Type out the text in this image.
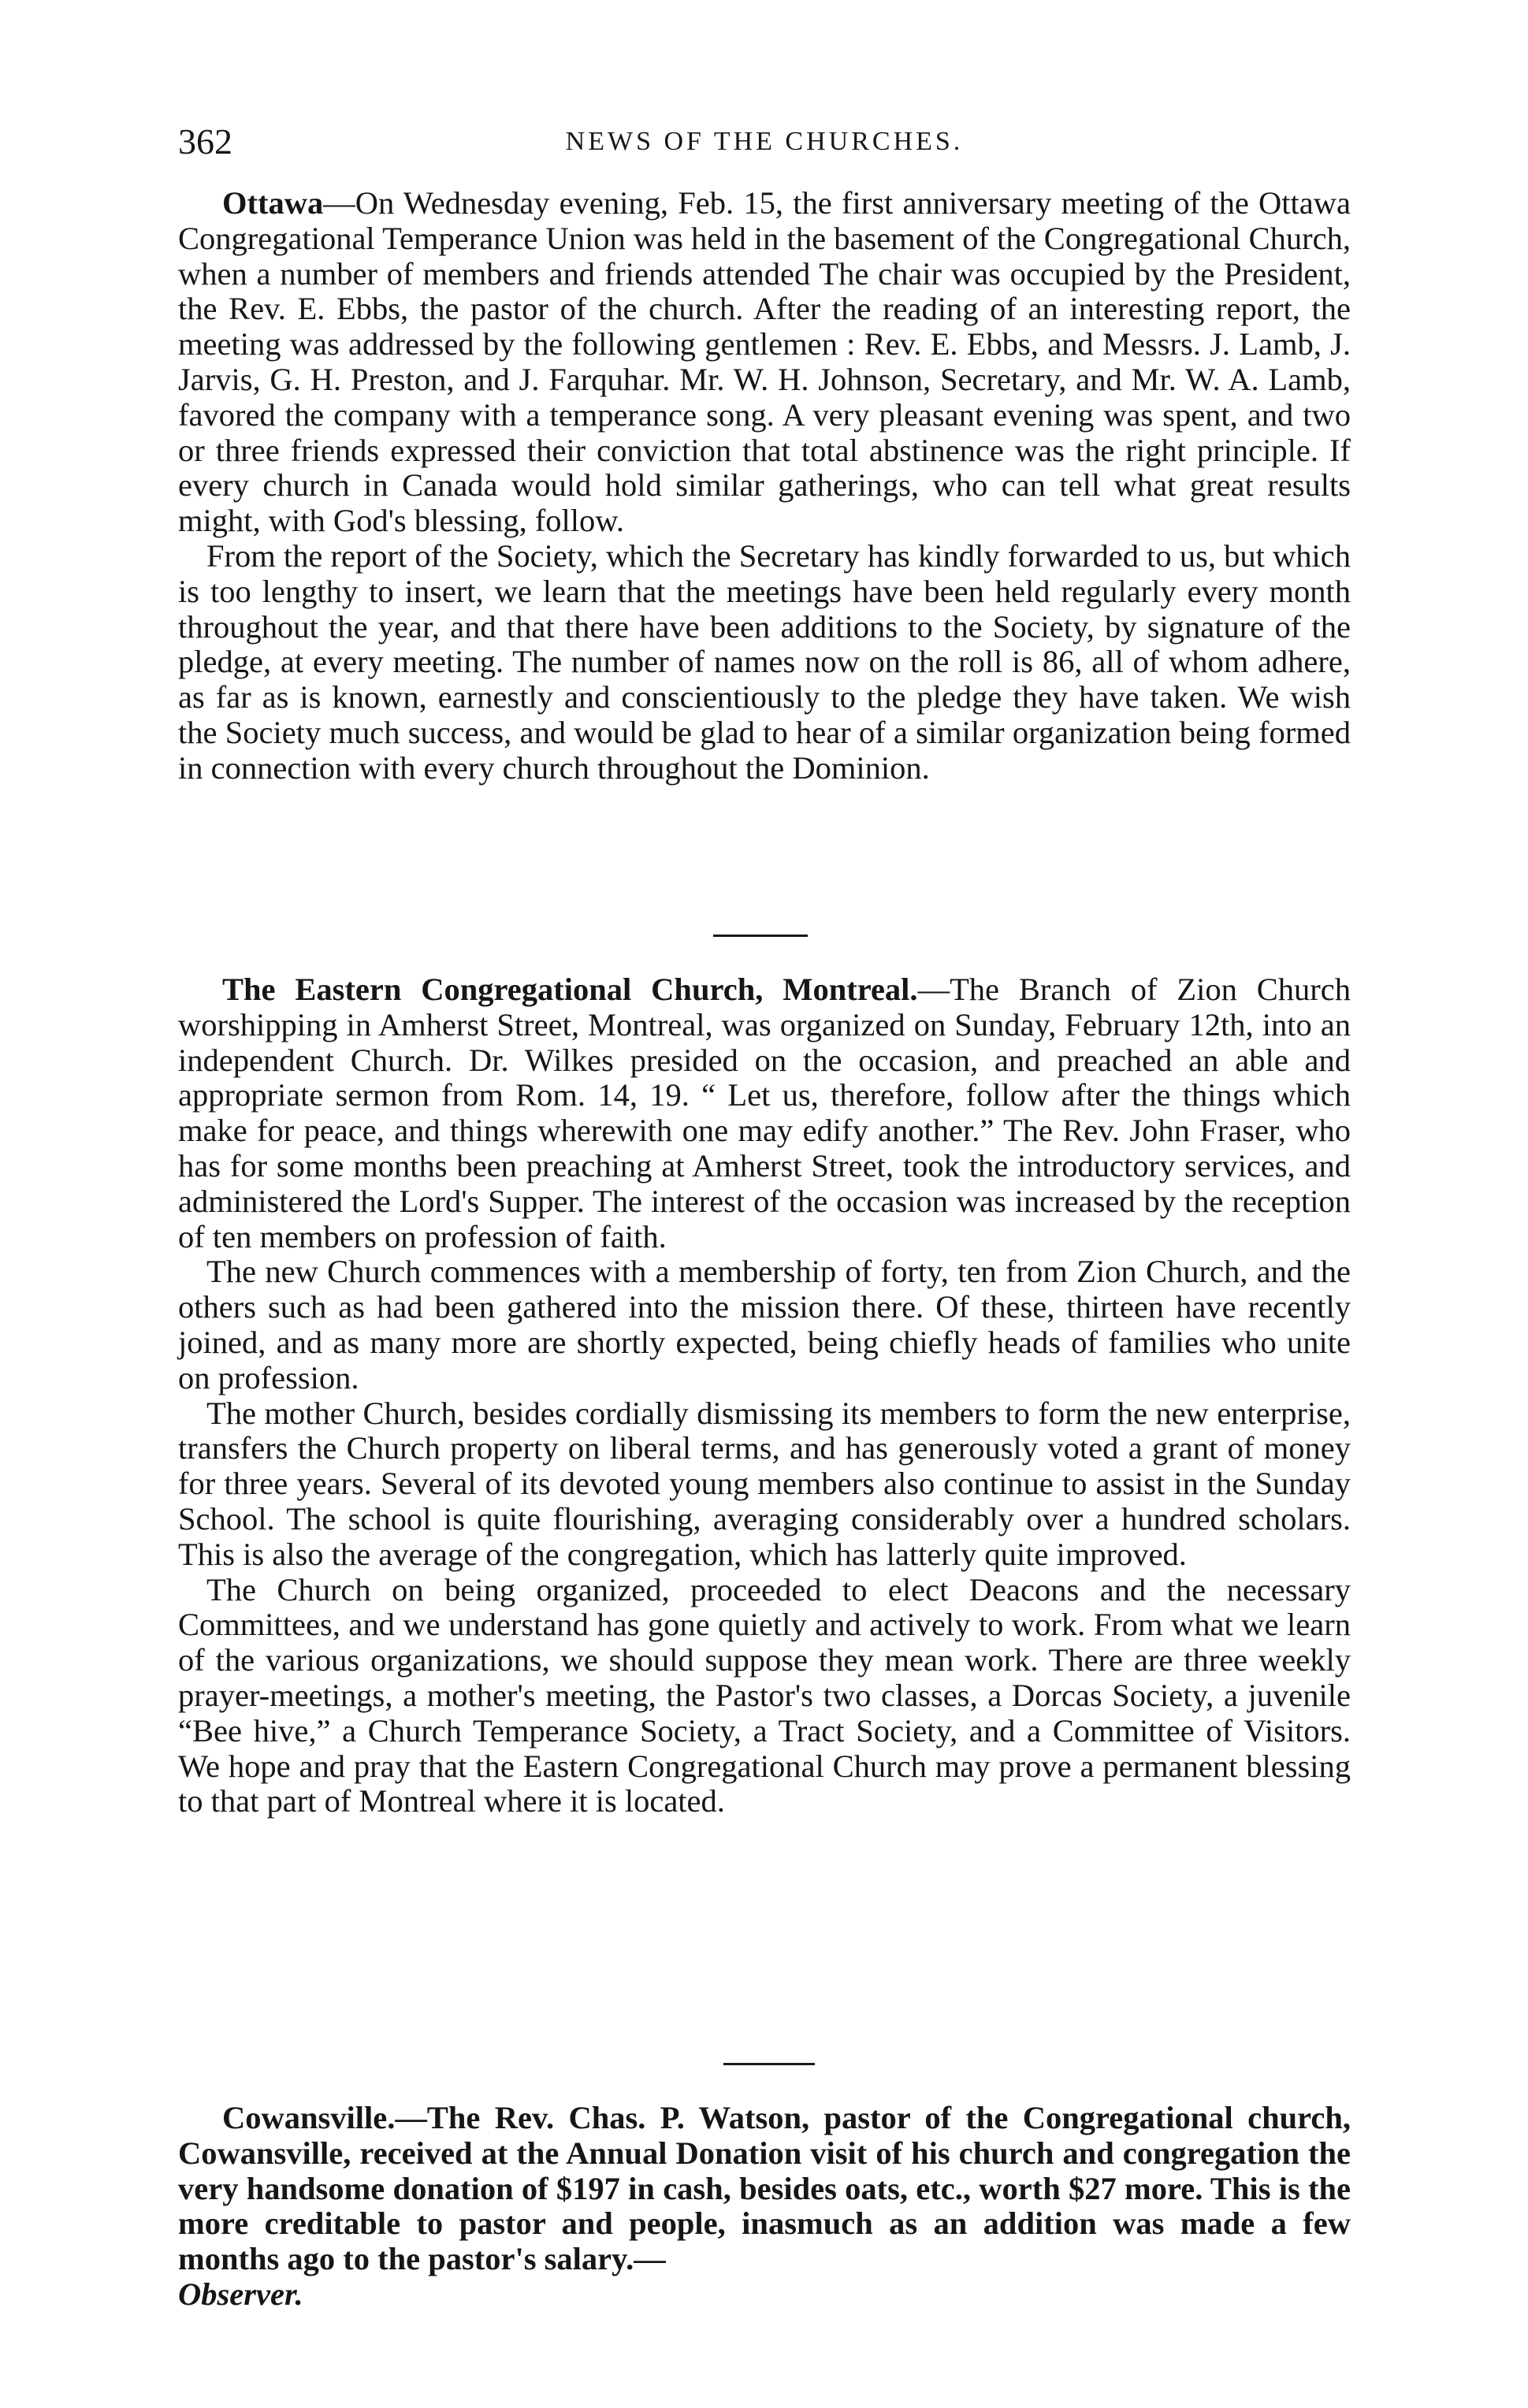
362	NEWS OF THE CHURCHES.

Ottawa—On Wednesday evening, Feb. 15, the first anniversary meeting of the Ottawa Congregational Temperance Union was held in the basement of the Congregational Church, when a number of members and friends attended The chair was occupied by the President, the Rev. E. Ebbs, the pastor of the church. After the reading of an interesting report, the meeting was addressed by the following gentlemen : Rev. E. Ebbs, and Messrs. J. Lamb, J. Jarvis, G. H. Preston, and J. Farquhar. Mr. W. H. Johnson, Secretary, and Mr. W. A. Lamb, favored the company with a temperance song. A very pleasant evening was spent, and two or three friends expressed their conviction that total abstinence was the right principle. If every church in Canada would hold similar gatherings, who can tell what great results might, with God's blessing, follow.

From the report of the Society, which the Secretary has kindly forwarded to us, but which is too lengthy to insert, we learn that the meetings have been held regularly every month throughout the year, and that there have been additions to the Society, by signature of the pledge, at every meeting. The number of names now on the roll is 86, all of whom adhere, as far as is known, earnestly and conscientiously to the pledge they have taken. We wish the Society much success, and would be glad to hear of a similar organization being formed in connection with every church throughout the Dominion.

The Eastern Congregational Church, Montreal.—The Branch of Zion Church worshipping in Amherst Street, Montreal, was organized on Sunday, February 12th, into an independent Church. Dr. Wilkes presided on the occasion, and preached an able and appropriate sermon from Rom. 14, 19. “ Let us, therefore, follow after the things which make for peace, and things wherewith one may edify another.” The Rev. John Fraser, who has for some months been preaching at Amherst Street, took the introductory services, and administered the Lord's Supper. The interest of the occasion was increased by the reception of ten members on profession of faith.

The new Church commences with a membership of forty, ten from Zion Church, and the others such as had been gathered into the mission there. Of these, thirteen have recently joined, and as many more are shortly expected, being chiefly heads of families who unite on profession.

The mother Church, besides cordially dismissing its members to form the new enterprise, transfers the Church property on liberal terms, and has generously voted a grant of money for three years. Several of its devoted young members also continue to assist in the Sunday School. The school is quite flourishing, averaging considerably over a hundred scholars. This is also the average of the congregation, which has latterly quite improved.

The Church on being organized, proceeded to elect Deacons and the necessary Committees, and we understand has gone quietly and actively to work. From what we learn of the various organizations, we should suppose they mean work. There are three weekly prayer-meetings, a mother's meeting, the Pastor's two classes, a Dorcas Society, a juvenile “Bee hive,” a Church Temperance Society, a Tract Society, and a Committee of Visitors. We hope and pray that the Eastern Congregational Church may prove a permanent blessing to that part of Montreal where it is located.

Cowansville.—The Rev. Chas. P. Watson, pastor of the Congregational church, Cowansville, received at the Annual Donation visit of his church and congregation the very handsome donation of $197 in cash, besides oats, etc., worth $27 more. This is the more creditable to pastor and people, inasmuch as an addition was made a few months ago to the pastor's salary.—
Observer.
